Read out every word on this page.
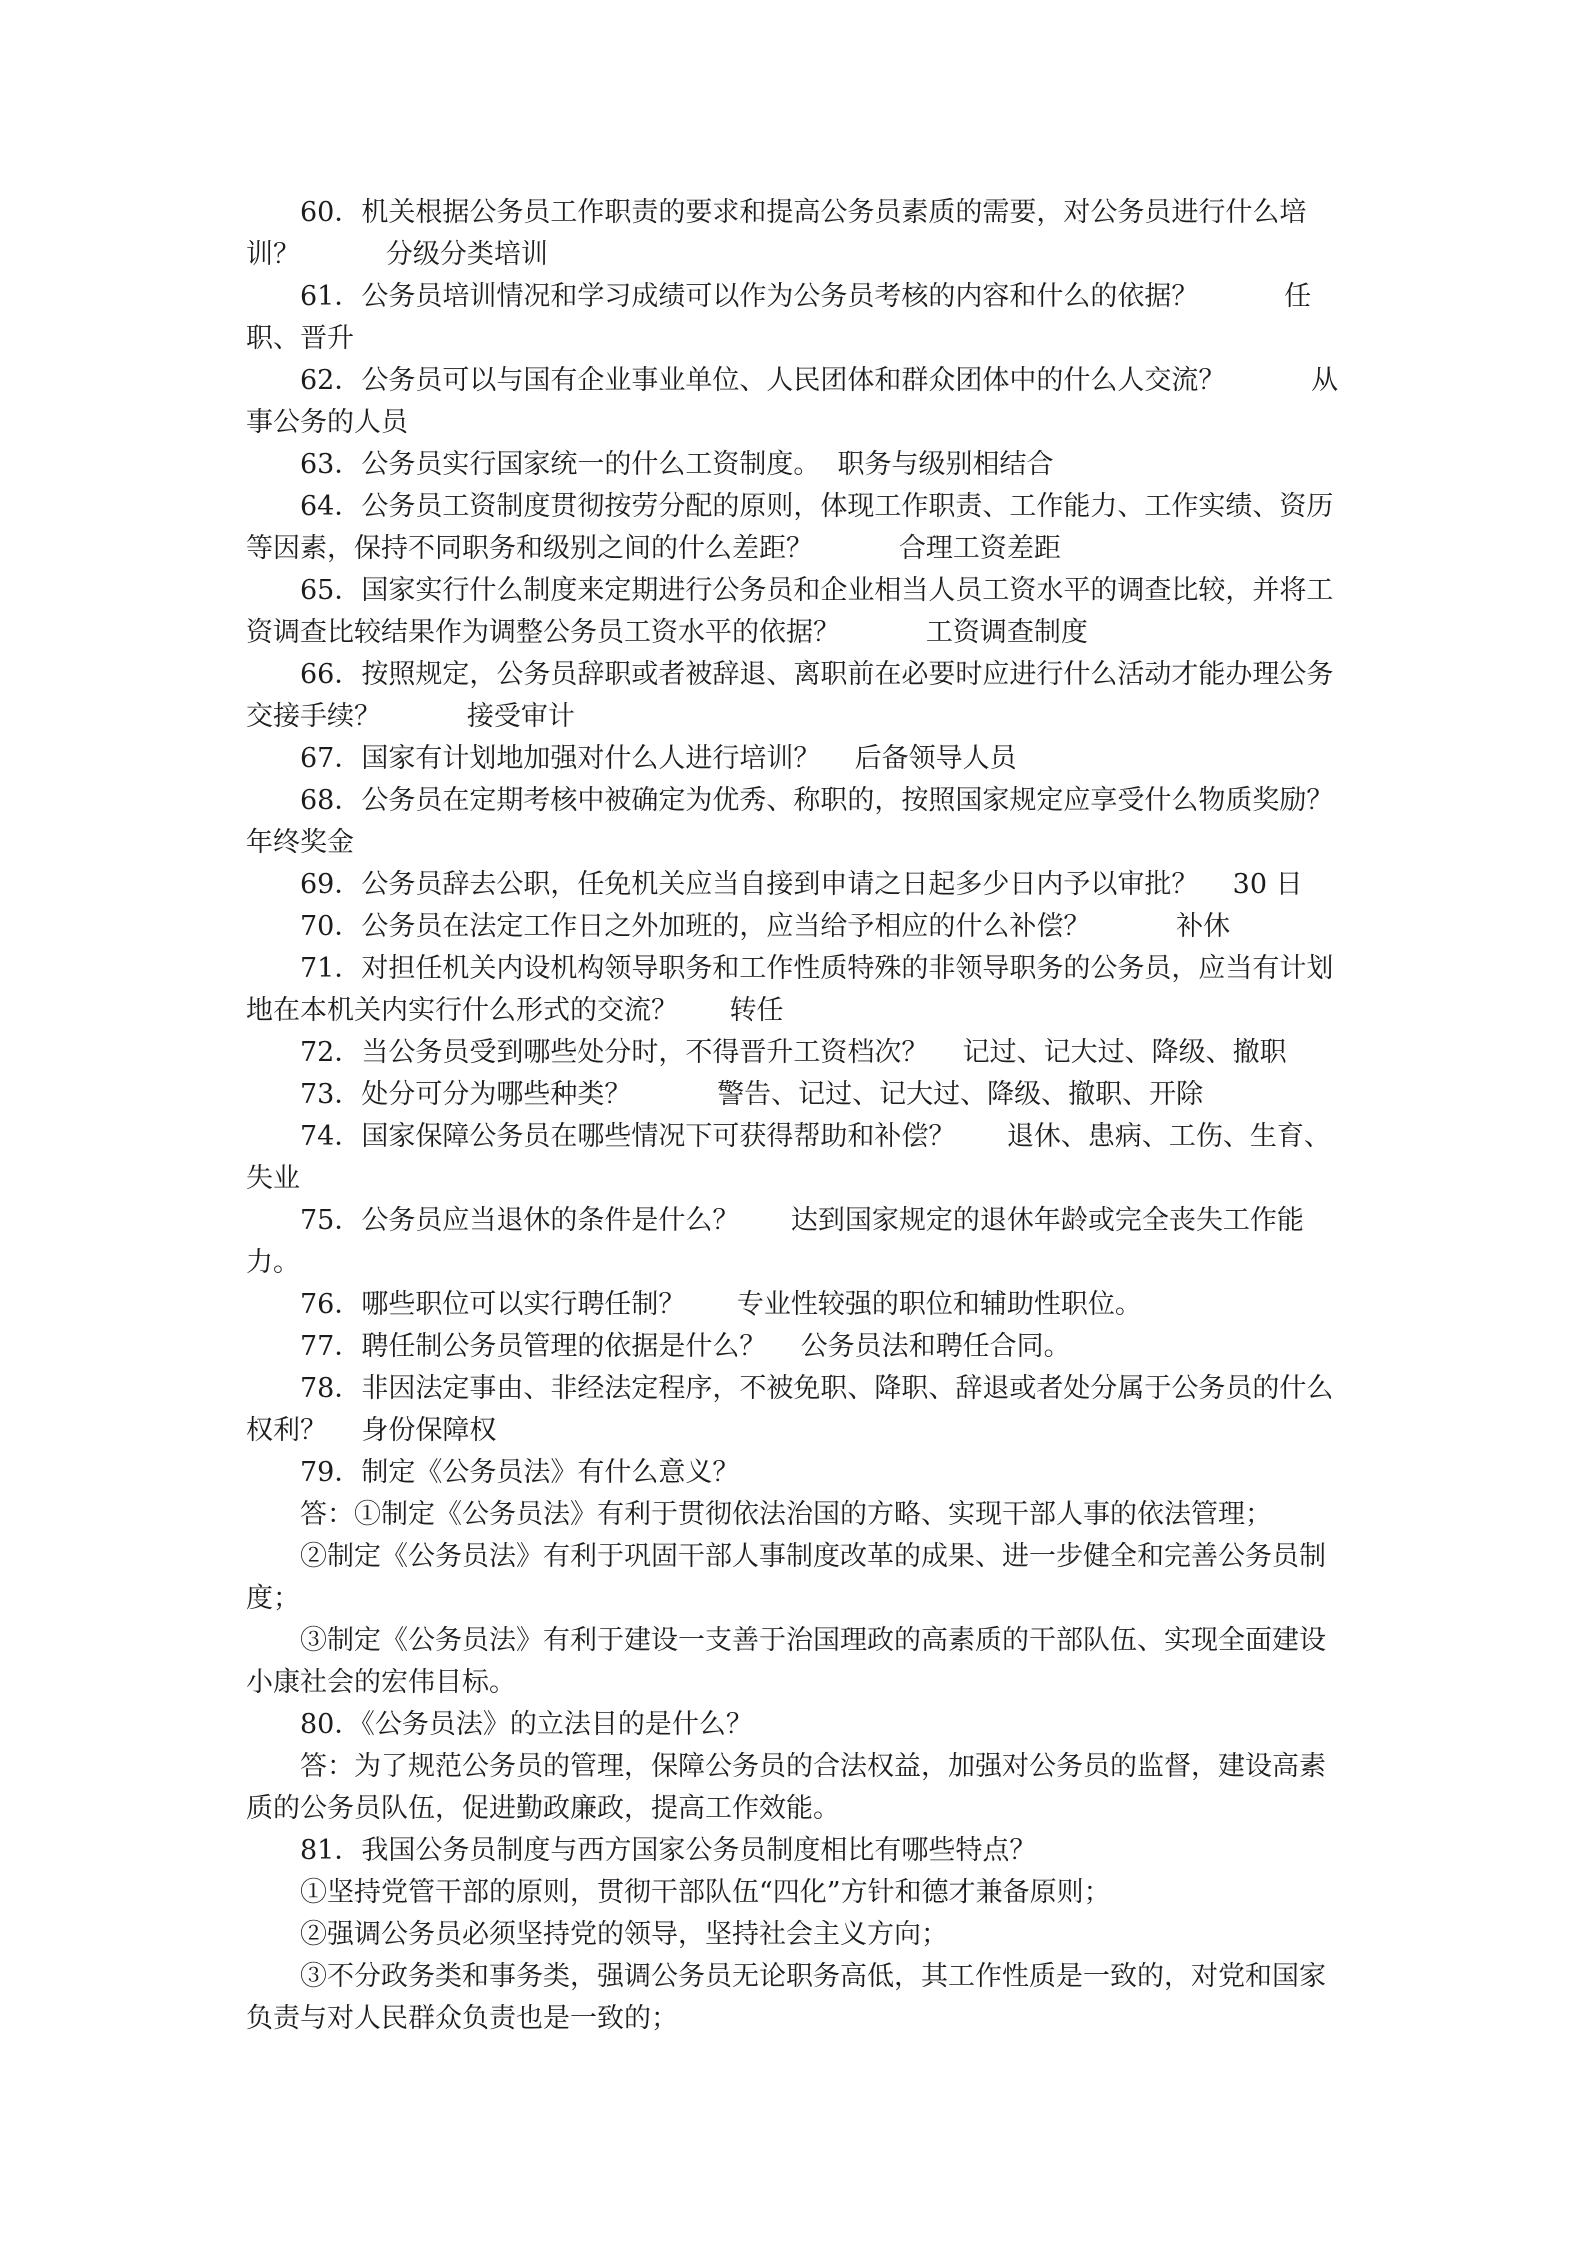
60．机关根据公务员工作职责的要求和提高公务员素质的需要，对公务员进行什么培训？          分级分类培训

61．公务员培训情况和学习成绩可以作为公务员考核的内容和什么的依据？          任职、晋升

62．公务员可以与国有企业事业单位、人民团体和群众团体中的什么人交流？          从事公务的人员

63．公务员实行国家统一的什么工资制度。  职务与级别相结合

64．公务员工资制度贯彻按劳分配的原则，体现工作职责、工作能力、工作实绩、资历等因素，保持不同职务和级别之间的什么差距？          合理工资差距

65．国家实行什么制度来定期进行公务员和企业相当人员工资水平的调查比较，并将工资调查比较结果作为调整公务员工资水平的依据？          工资调查制度

66．按照规定，公务员辞职或者被辞退、离职前在必要时应进行什么活动才能办理公务交接手续？          接受审计

67．国家有计划地加强对什么人进行培训？    后备领导人员

68．公务员在定期考核中被确定为优秀、称职的，按照国家规定应享受什么物质奖励？年终奖金

69．公务员辞去公职，任免机关应当自接到申请之日起多少日内予以审批？    30 日

70．公务员在法定工作日之外加班的，应当给予相应的什么补偿？          补休

71．对担任机关内设机构领导职务和工作性质特殊的非领导职务的公务员，应当有计划地在本机关内实行什么形式的交流？      转任

72．当公务员受到哪些处分时，不得晋升工资档次？    记过、记大过、降级、撤职

73．处分可分为哪些种类？          警告、记过、记大过、降级、撤职、开除

74．国家保障公务员在哪些情况下可获得帮助和补偿？      退休、患病、工伤、生育、失业

75．公务员应当退休的条件是什么？      达到国家规定的退休年龄或完全丧失工作能力。

76．哪些职位可以实行聘任制？      专业性较强的职位和辅助性职位。

77．聘任制公务员管理的依据是什么？    公务员法和聘任合同。

78．非因法定事由、非经法定程序，不被免职、降职、辞退或者处分属于公务员的什么权利？    身份保障权

79．制定《公务员法》有什么意义？

答：①制定《公务员法》有利于贯彻依法治国的方略、实现干部人事的依法管理；

②制定《公务员法》有利于巩固干部人事制度改革的成果、进一步健全和完善公务员制度；

③制定《公务员法》有利于建设一支善于治国理政的高素质的干部队伍、实现全面建设小康社会的宏伟目标。

80．《公务员法》的立法目的是什么？

答：为了规范公务员的管理，保障公务员的合法权益，加强对公务员的监督，建设高素质的公务员队伍，促进勤政廉政，提高工作效能。

81．我国公务员制度与西方国家公务员制度相比有哪些特点？

①坚持党管干部的原则，贯彻干部队伍“四化”方针和德才兼备原则；

②强调公务员必须坚持党的领导，坚持社会主义方向；

③不分政务类和事务类，强调公务员无论职务高低，其工作性质是一致的，对党和国家负责与对人民群众负责也是一致的；
